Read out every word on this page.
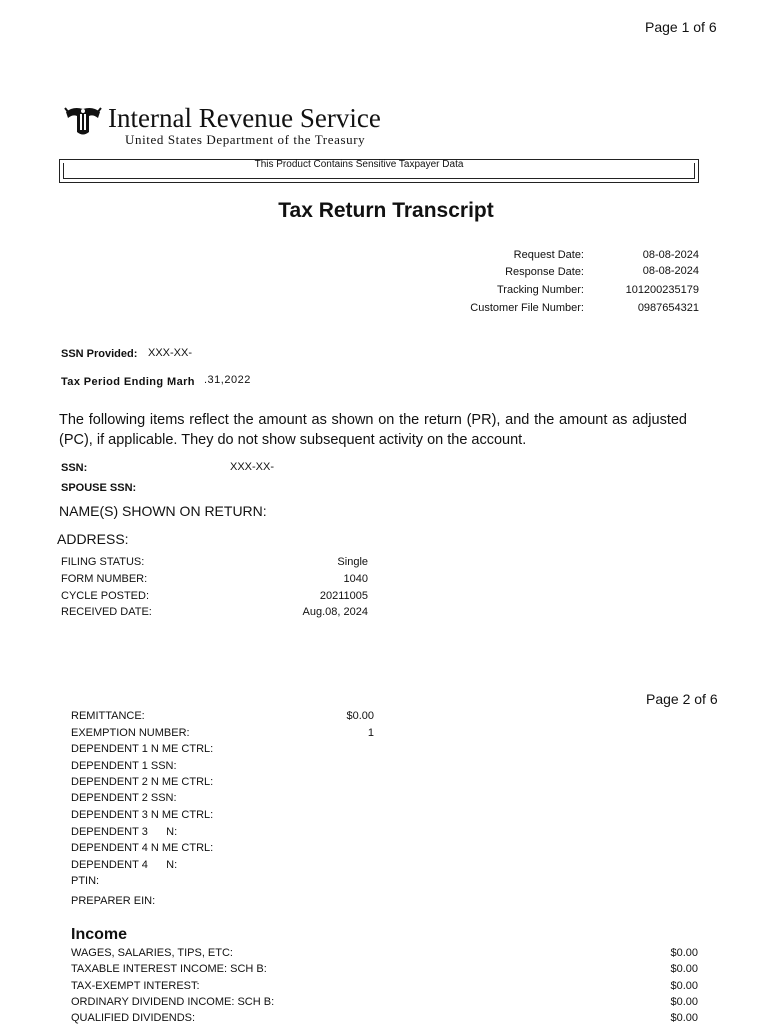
Page 1 of 6
Internal Revenue Service
United States Department of the Treasury
This Product Contains Sensitive Taxpayer Data
Tax Return Transcript
Request Date:	08-08-2024
Response Date:	08-08-2024
Tracking Number:	101200235179
Customer File Number:	0987654321
SSN Provided: XXX-XX-
Tax Period Ending Marh .31,2022
The following items reflect the amount as shown on the return (PR), and the amount as adjusted (PC), if applicable. They do not show subsequent activity on the account.
SSN:	XXX-XX-
SPOUSE SSN:
NAME(S) SHOWN ON RETURN:
ADDRESS:
FILING STATUS:	Single
FORM NUMBER:	1040
CYCLE POSTED:	20211005
RECEIVED DATE:	Aug.08, 2024
Page 2 of 6
REMITTANCE:	$0.00
EXEMPTION NUMBER:	1
DEPENDENT 1 N ME CTRL:
DEPENDENT 1 SSN:
DEPENDENT 2 N ME CTRL:
DEPENDENT 2 SSN:
DEPENDENT 3 N ME CTRL:
DEPENDENT 3      N:
DEPENDENT 4 N ME CTRL:
DEPENDENT 4      N:
PTIN:
PREPARER EIN:
Income
WAGES, SALARIES, TIPS, ETC:	$0.00
TAXABLE INTEREST INCOME: SCH B:	$0.00
TAX-EXEMPT INTEREST:	$0.00
ORDINARY DIVIDEND INCOME: SCH B:	$0.00
QUALIFIED DIVIDENDS:	$0.00
